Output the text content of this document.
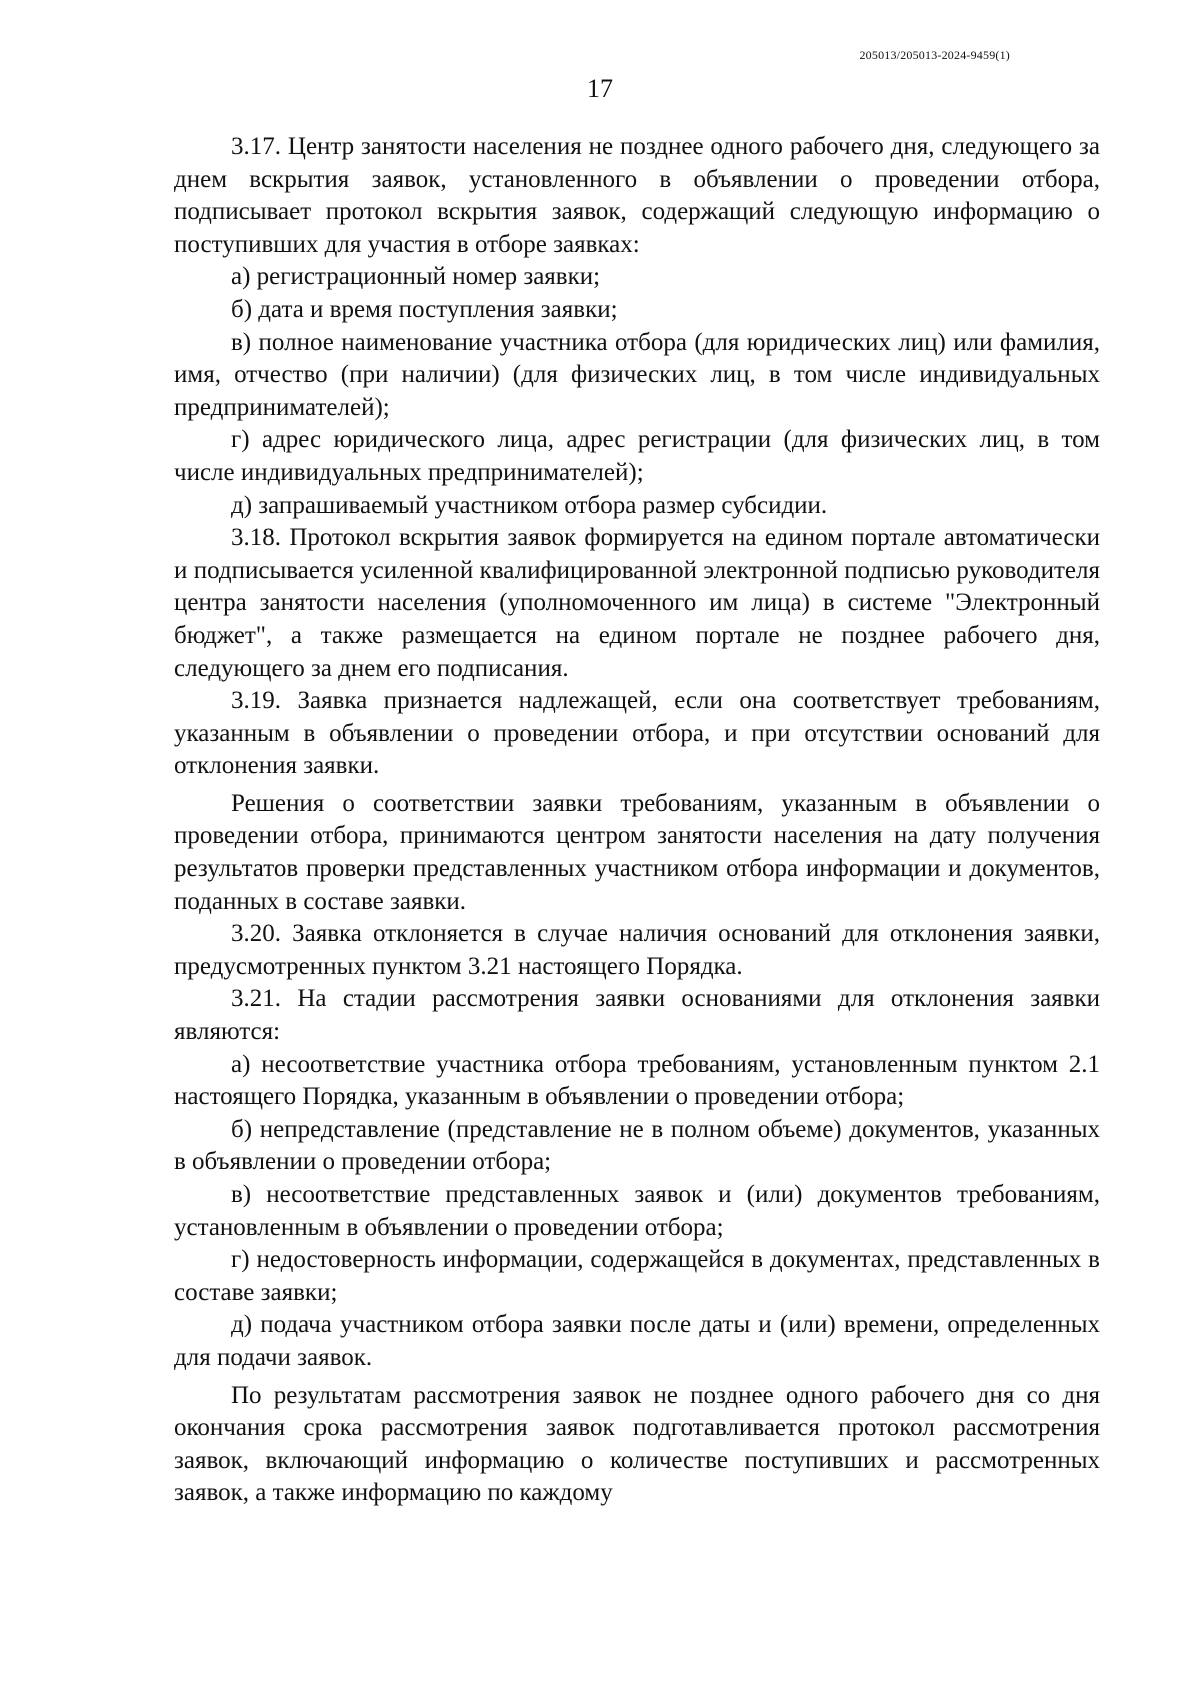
205013/205013-2024-9459(1)
17

3.17. Центр занятости населения не позднее одного рабочего дня, следующего за днем вскрытия заявок, установленного в объявлении о проведении отбора, подписывает протокол вскрытия заявок, содержащий следующую информацию о поступивших для участия в отборе заявках:

а) регистрационный номер заявки;

б) дата и время поступления заявки;

в) полное наименование участника отбора (для юридических лиц) или фамилия, имя, отчество (при наличии) (для физических лиц, в том числе индивидуальных предпринимателей);

г) адрес юридического лица, адрес регистрации (для физических лиц, в том числе индивидуальных предпринимателей);

д) запрашиваемый участником отбора размер субсидии.

3.18. Протокол вскрытия заявок формируется на едином портале автоматически и подписывается усиленной квалифицированной электронной подписью руководителя центра занятости населения (уполномоченного им лица) в системе "Электронный бюджет", а также размещается на едином портале не позднее рабочего дня, следующего за днем его подписания.

3.19. Заявка признается надлежащей, если она соответствует требованиям, указанным в объявлении о проведении отбора, и при отсутствии оснований для отклонения заявки.

Решения о соответствии заявки требованиям, указанным в объявлении о проведении отбора, принимаются центром занятости населения на дату получения результатов проверки представленных участником отбора информации и документов, поданных в составе заявки.

3.20. Заявка отклоняется в случае наличия оснований для отклонения заявки, предусмотренных пунктом 3.21 настоящего Порядка.

3.21. На стадии рассмотрения заявки основаниями для отклонения заявки являются:

а) несоответствие участника отбора требованиям, установленным пунктом 2.1 настоящего Порядка, указанным в объявлении о проведении отбора;

б) непредставление (представление не в полном объеме) документов, указанных в объявлении о проведении отбора;

в) несоответствие представленных заявок и (или) документов требованиям, установленным в объявлении о проведении отбора;

г) недостоверность информации, содержащейся в документах, представленных в составе заявки;

д) подача участником отбора заявки после даты и (или) времени, определенных для подачи заявок.

По результатам рассмотрения заявок не позднее одного рабочего дня со дня окончания срока рассмотрения заявок подготавливается протокол рассмотрения заявок, включающий информацию о количестве поступивших и рассмотренных заявок, а также информацию по каждому
